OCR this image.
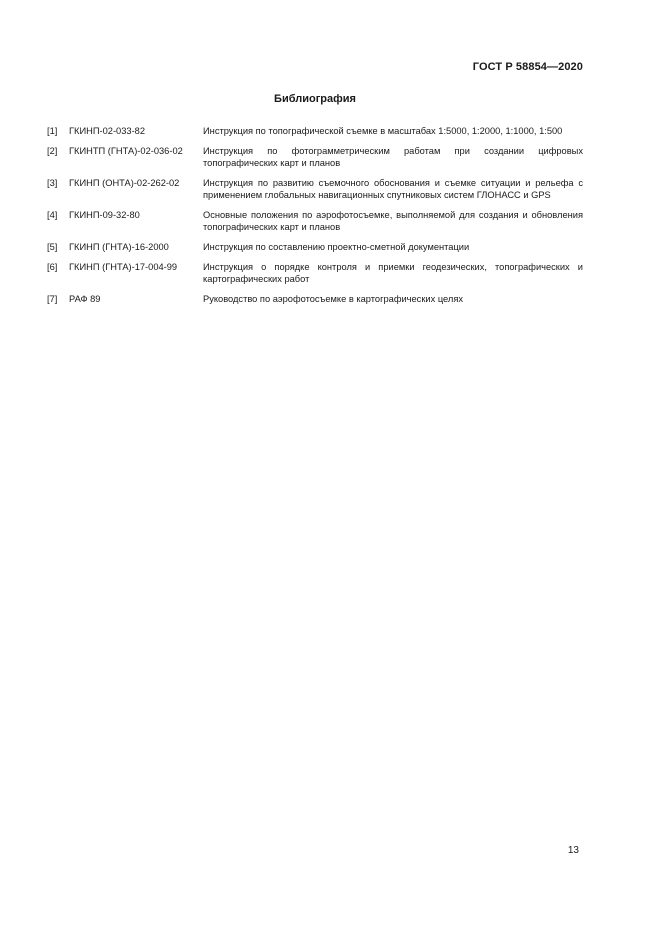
ГОСТ Р 58854—2020
Библиография
[1]	ГКИНП-02-033-82	Инструкция по топографической съемке в масштабах 1:5000, 1:2000, 1:1000, 1:500
[2]	ГКИНТП (ГНТА)-02-036-02	Инструкция по фотограмметрическим работам при создании цифровых топографических карт и планов
[3]	ГКИНП (ОНТА)-02-262-02	Инструкция по развитию съемочного обоснования и съемке ситуации и рельефа с применением глобальных навигационных спутниковых систем ГЛОНАСС и GPS
[4]	ГКИНП-09-32-80	Основные положения по аэрофотосъемке, выполняемой для создания и обновления топографических карт и планов
[5]	ГКИНП (ГНТА)-16-2000	Инструкция по составлению проектно-сметной документации
[6]	ГКИНП (ГНТА)-17-004-99	Инструкция о порядке контроля и приемки геодезических, топографических и картографических работ
[7]	РАФ 89	Руководство по аэрофотосъемке в картографических целях
13
